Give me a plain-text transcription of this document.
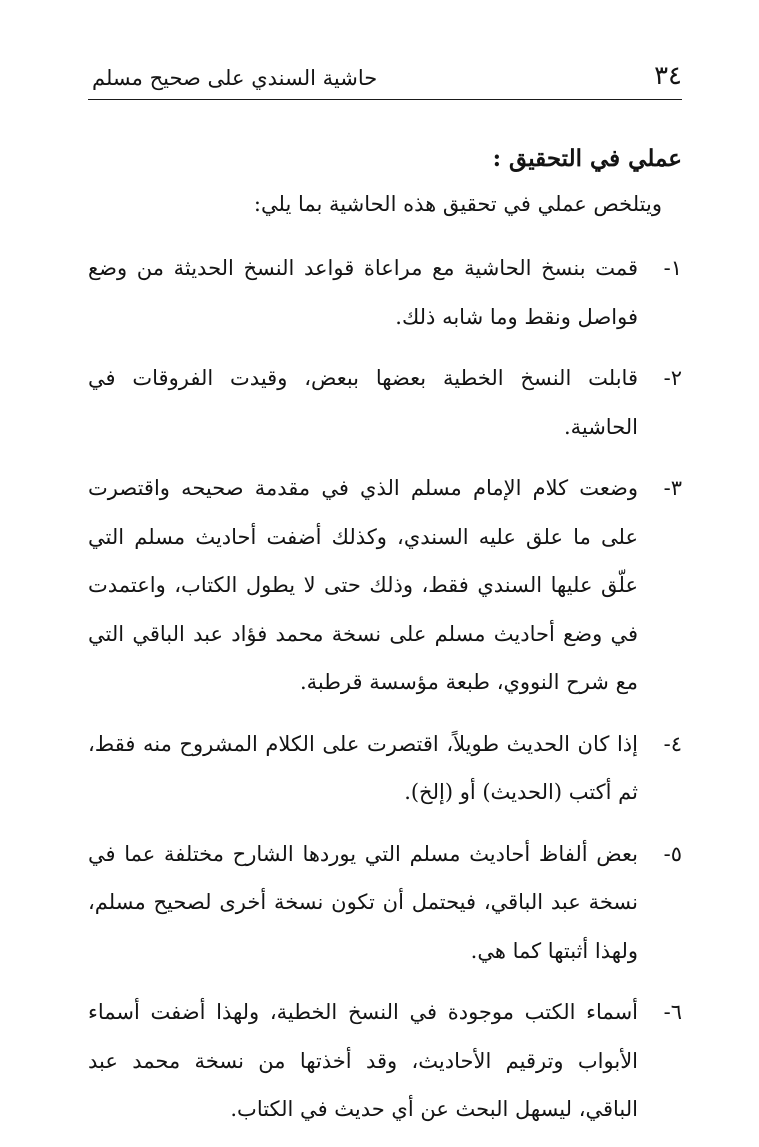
٣٤
حاشية السندي على صحيح مسلم
عملي في التحقيق :

ويتلخص عملي في تحقيق هذه الحاشية بما يلي:

١-
قمت بنسخ الحاشية مع مراعاة قواعد النسخ الحديثة من وضع فواصل ونقط وما شابه ذلك.
٢-
قابلت النسخ الخطية بعضها ببعض، وقيدت الفروقات في الحاشية.
٣-
وضعت كلام الإمام مسلم الذي في مقدمة صحيحه واقتصرت على ما علق عليه السندي، وكذلك أضفت أحاديث مسلم التي علّق عليها السندي فقط، وذلك حتى لا يطول الكتاب، واعتمدت في وضع أحاديث مسلم على نسخة محمد فؤاد عبد الباقي التي مع شرح النووي، طبعة مؤسسة قرطبة.
٤-
إذا كان الحديث طويلاً، اقتصرت على الكلام المشروح منه فقط، ثم أكتب (الحديث) أو (إلخ).
٥-
بعض ألفاظ أحاديث مسلم التي يوردها الشارح مختلفة عما في نسخة عبد الباقي، فيحتمل أن تكون نسخة أخرى لصحيح مسلم، ولهذا أثبتها كما هي.
٦-
أسماء الكتب موجودة في النسخ الخطية، ولهذا أضفت أسماء الأبواب وترقيم الأحاديث، وقد أخذتها من نسخة محمد عبد الباقي، ليسهل البحث عن أي حديث في الكتاب.
